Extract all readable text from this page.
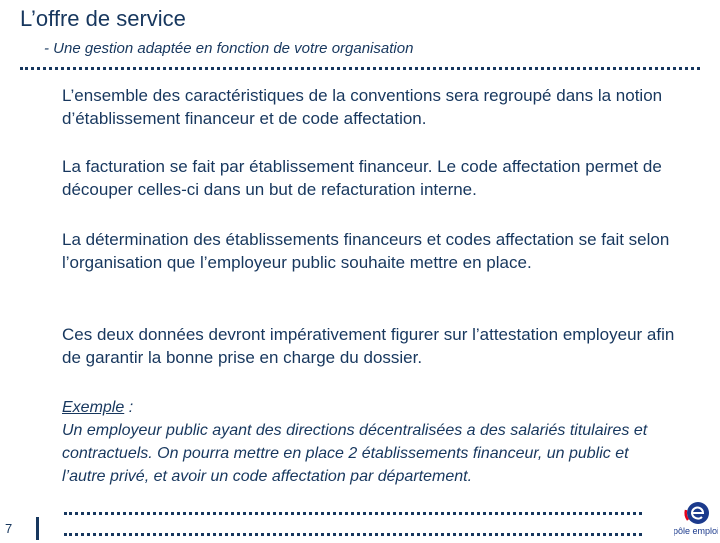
L’offre de service

- Une gestion adaptée en fonction de votre organisation

L’ensemble des caractéristiques de la conventions sera regroupé dans la notion d’établissement financeur et de code affectation.

La facturation se fait par établissement financeur. Le code affectation permet de découper celles-ci dans un but de refacturation interne.

La détermination des établissements financeurs et codes affectation se fait selon l’organisation que l’employeur public souhaite mettre en place.

Ces deux données devront impérativement figurer sur l’attestation employeur afin de garantir la bonne prise en charge du dossier.

Exemple :
Un employeur public ayant des directions décentralisées a des salariés titulaires et contractuels. On pourra mettre en place 2 établissements financeur, un public et l’autre privé, et avoir un code affectation par département.

7	pôle emploi
